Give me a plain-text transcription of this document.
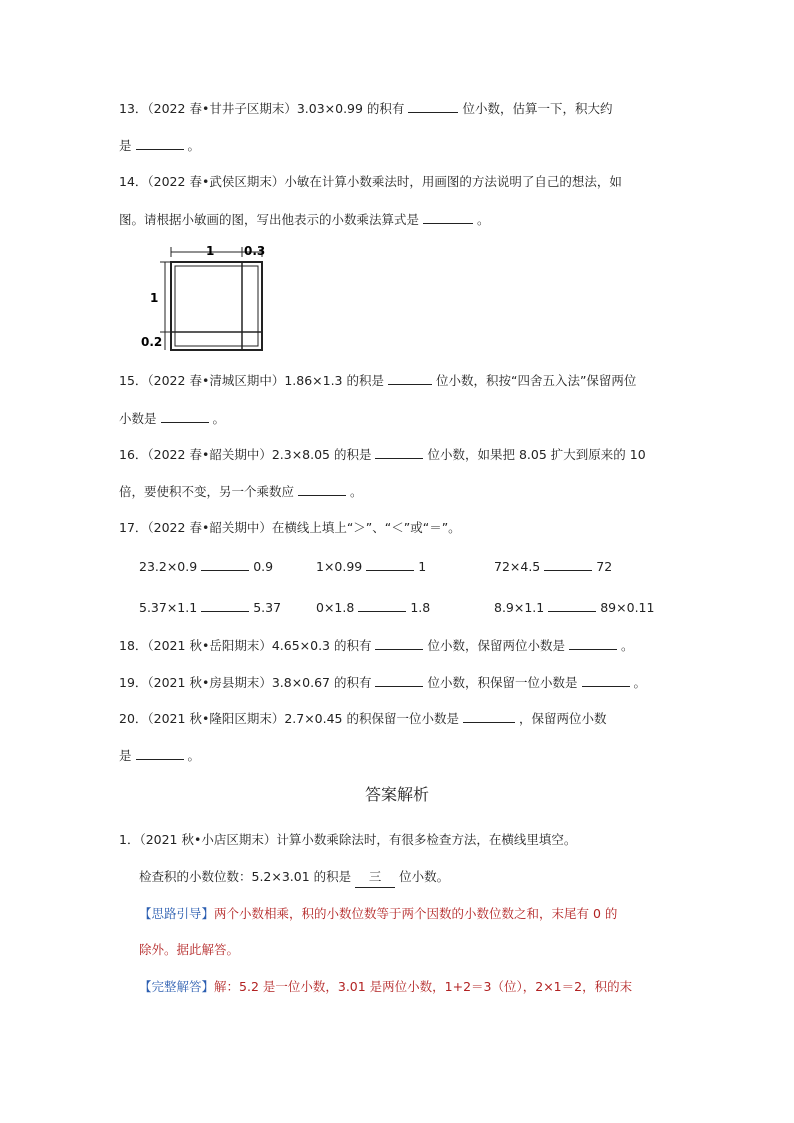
13．（2022 春•甘井子区期末）3.03×0.99 的积有	位小数，估算一下，积大约
是	。
14．（2022 春•武侯区期末）小敏在计算小数乘法时，用画图的方法说明了自己的想法，如
图。请根据小敏画的图，写出他表示的小数乘法算式是	。
1 0.3
1
0.2
15．（2022 春•清城区期中）1.86×1.3 的积是	位小数，积按“四舍五入法”保留两位
小数是	。
16．（2022 春•韶关期中）2.3×8.05 的积是	位小数，如果把 8.05 扩大到原来的 10
倍，要使积不变，另一个乘数应	。
17．（2022 春•韶关期中）在横线上填上“＞”、“＜”或“＝”。
23.2×0.9	0.9	1×0.99	1	72×4.5	72
5.37×1.1	5.37	0×1.8	1.8	8.9×1.1	89×0.11
18．（2021 秋•岳阳期末）4.65×0.3 的积有	位小数，保留两位小数是	。
19．（2021 秋•房县期末）3.8×0.67 的积有	位小数，积保留一位小数是	。
20．（2021 秋•隆阳区期末）2.7×0.45 的积保留一位小数是	，保留两位小数
是	。
答案解析
1．（2021 秋•小店区期末）计算小数乘除法时，有很多检查方法，在横线里填空。
检查积的小数位数：5.2×3.01 的积是 三 位小数。
【思路引导】两个小数相乘，积的小数位数等于两个因数的小数位数之和，末尾有 0 的
除外。据此解答。
【完整解答】解：5.2 是一位小数，3.01 是两位小数，1+2＝3（位），2×1＝2，积的末
